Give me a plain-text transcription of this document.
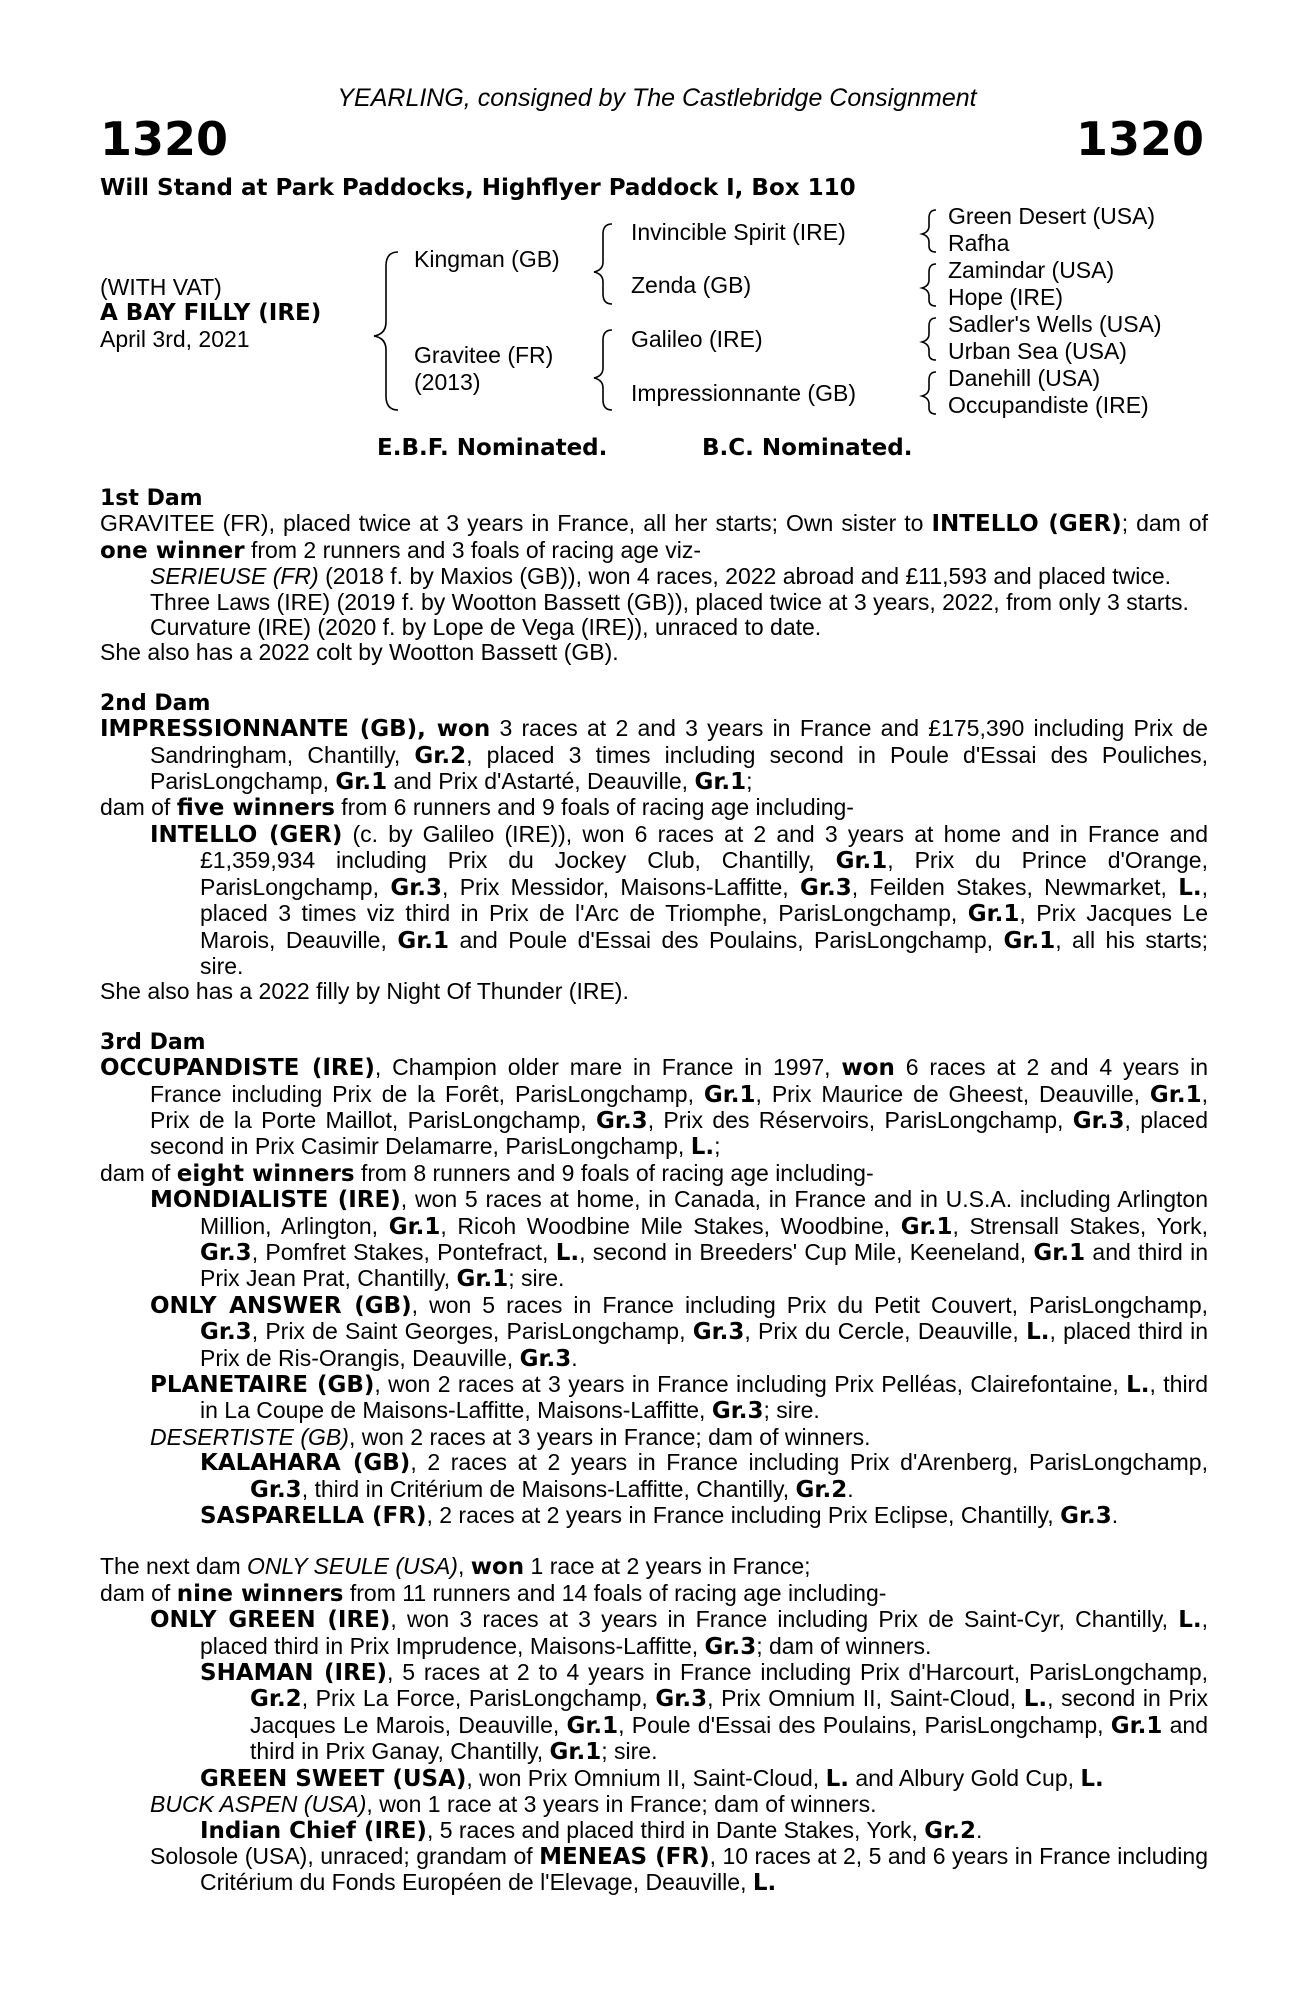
YEARLING, consigned by The Castlebridge Consignment
1320	1320
Will Stand at Park Paddocks, Highflyer Paddock I, Box 110
(WITH VAT)
A BAY FILLY (IRE)
April 3rd, 2021
Kingman (GB)
Gravitee (FR)
(2013)
Invincible Spirit (IRE)
Zenda (GB)
Galileo (IRE)
Impressionnante (GB)
Green Desert (USA)
Rafha
Zamindar (USA)
Hope (IRE)
Sadler's Wells (USA)
Urban Sea (USA)
Danehill (USA)
Occupandiste (IRE)
E.B.F. Nominated.	B.C. Nominated.
1st Dam
GRAVITEE (FR), placed twice at 3 years in France, all her starts; Own sister to INTELLO (GER); dam of one winner from 2 runners and 3 foals of racing age viz-
SERIEUSE (FR) (2018 f. by Maxios (GB)), won 4 races, 2022 abroad and £11,593 and placed twice.
Three Laws (IRE) (2019 f. by Wootton Bassett (GB)), placed twice at 3 years, 2022, from only 3 starts.
Curvature (IRE) (2020 f. by Lope de Vega (IRE)), unraced to date.
She also has a 2022 colt by Wootton Bassett (GB).
2nd Dam
IMPRESSIONNANTE (GB), won 3 races at 2 and 3 years in France and £175,390 including Prix de Sandringham, Chantilly, Gr.2, placed 3 times including second in Poule d'Essai des Pouliches, ParisLongchamp, Gr.1 and Prix d'Astarté, Deauville, Gr.1;
dam of five winners from 6 runners and 9 foals of racing age including-
INTELLO (GER) (c. by Galileo (IRE)), won 6 races at 2 and 3 years at home and in France and £1,359,934 including Prix du Jockey Club, Chantilly, Gr.1, Prix du Prince d'Orange, ParisLongchamp, Gr.3, Prix Messidor, Maisons-Laffitte, Gr.3, Feilden Stakes, Newmarket, L., placed 3 times viz third in Prix de l'Arc de Triomphe, ParisLongchamp, Gr.1, Prix Jacques Le Marois, Deauville, Gr.1 and Poule d'Essai des Poulains, ParisLongchamp, Gr.1, all his starts; sire.
She also has a 2022 filly by Night Of Thunder (IRE).
3rd Dam
OCCUPANDISTE (IRE), Champion older mare in France in 1997, won 6 races at 2 and 4 years in France including Prix de la Forêt, ParisLongchamp, Gr.1, Prix Maurice de Gheest, Deauville, Gr.1, Prix de la Porte Maillot, ParisLongchamp, Gr.3, Prix des Réservoirs, ParisLongchamp, Gr.3, placed second in Prix Casimir Delamarre, ParisLongchamp, L.;
dam of eight winners from 8 runners and 9 foals of racing age including-
MONDIALISTE (IRE), won 5 races at home, in Canada, in France and in U.S.A. including Arlington Million, Arlington, Gr.1, Ricoh Woodbine Mile Stakes, Woodbine, Gr.1, Strensall Stakes, York, Gr.3, Pomfret Stakes, Pontefract, L., second in Breeders' Cup Mile, Keeneland, Gr.1 and third in Prix Jean Prat, Chantilly, Gr.1; sire.
ONLY ANSWER (GB), won 5 races in France including Prix du Petit Couvert, ParisLongchamp, Gr.3, Prix de Saint Georges, ParisLongchamp, Gr.3, Prix du Cercle, Deauville, L., placed third in Prix de Ris-Orangis, Deauville, Gr.3.
PLANETAIRE (GB), won 2 races at 3 years in France including Prix Pelléas, Clairefontaine, L., third in La Coupe de Maisons-Laffitte, Maisons-Laffitte, Gr.3; sire.
DESERTISTE (GB), won 2 races at 3 years in France; dam of winners.
KALAHARA (GB), 2 races at 2 years in France including Prix d'Arenberg, ParisLongchamp, Gr.3, third in Critérium de Maisons-Laffitte, Chantilly, Gr.2.
SASPARELLA (FR), 2 races at 2 years in France including Prix Eclipse, Chantilly, Gr.3.
The next dam ONLY SEULE (USA), won 1 race at 2 years in France;
dam of nine winners from 11 runners and 14 foals of racing age including-
ONLY GREEN (IRE), won 3 races at 3 years in France including Prix de Saint-Cyr, Chantilly, L., placed third in Prix Imprudence, Maisons-Laffitte, Gr.3; dam of winners.
SHAMAN (IRE), 5 races at 2 to 4 years in France including Prix d'Harcourt, ParisLongchamp, Gr.2, Prix La Force, ParisLongchamp, Gr.3, Prix Omnium II, Saint-Cloud, L., second in Prix Jacques Le Marois, Deauville, Gr.1, Poule d'Essai des Poulains, ParisLongchamp, Gr.1 and third in Prix Ganay, Chantilly, Gr.1; sire.
GREEN SWEET (USA), won Prix Omnium II, Saint-Cloud, L. and Albury Gold Cup, L.
BUCK ASPEN (USA), won 1 race at 3 years in France; dam of winners.
Indian Chief (IRE), 5 races and placed third in Dante Stakes, York, Gr.2.
Solosole (USA), unraced; grandam of MENEAS (FR), 10 races at 2, 5 and 6 years in France including Critérium du Fonds Européen de l'Elevage, Deauville, L.
